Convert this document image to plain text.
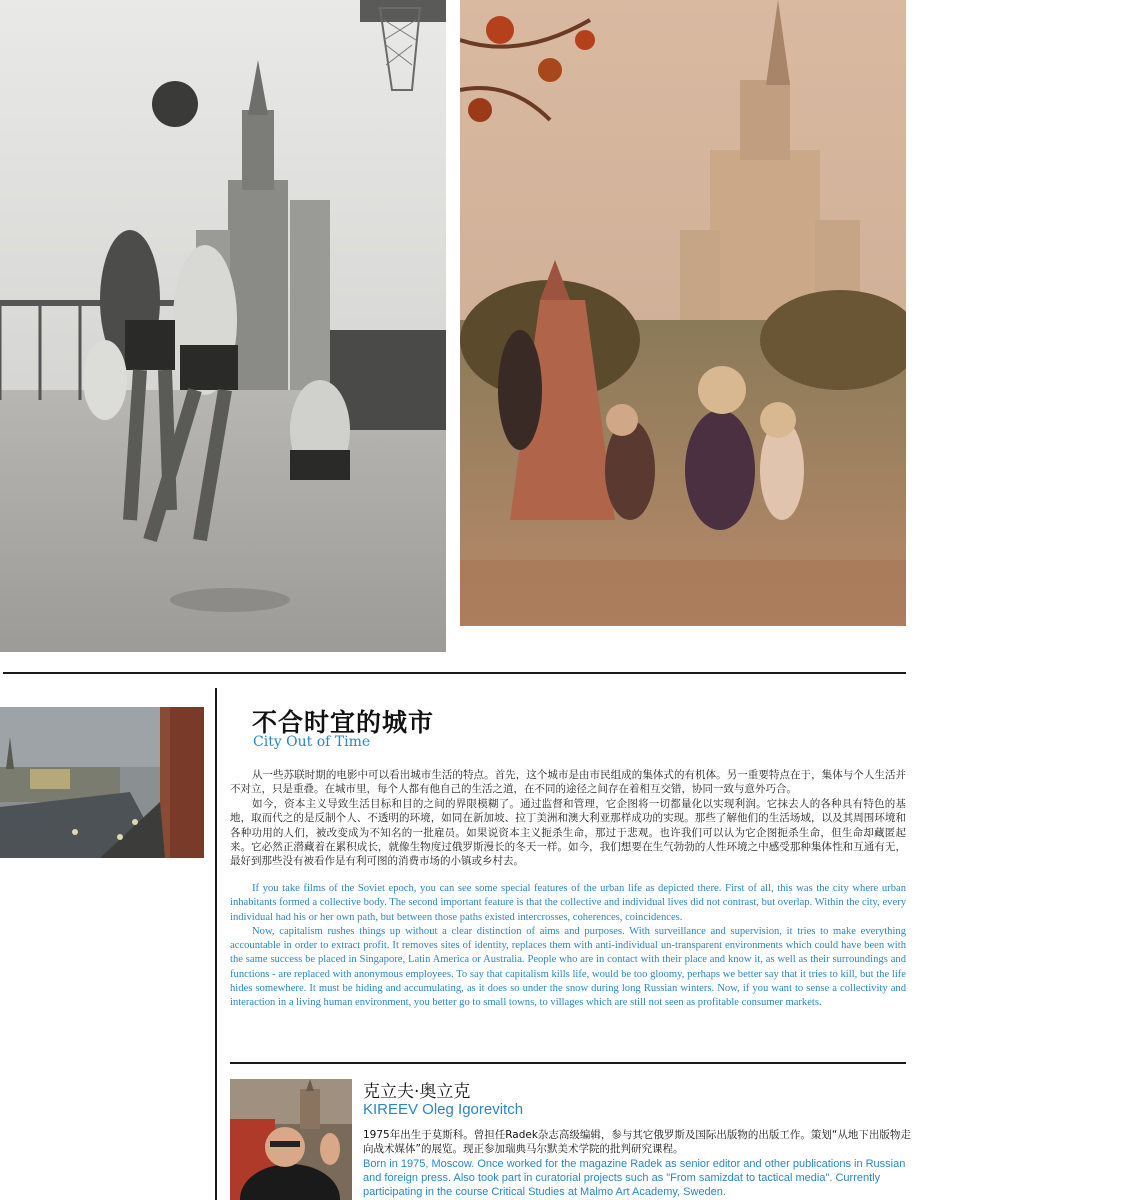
不合时宜的城市
City Out of Time

从一些苏联时期的电影中可以看出城市生活的特点。首先，这个城市是由市民组成的集体式的有机体。另一重要特点在于，集体与个人生活并不对立，只是重叠。在城市里，每个人都有他自己的生活之道，在不同的途径之间存在着相互交错，协同一致与意外巧合。

如今，资本主义导致生活目标和目的之间的界限模糊了。通过监督和管理，它企图将一切都量化以实现利润。它抹去人的各种具有特色的基地，取而代之的是反制个人、不透明的环境，如同在新加坡、拉丁美洲和澳大利亚那样成功的实现。那些了解他们的生活场域，以及其周围环境和各种功用的人们，被改变成为不知名的一批雇员。如果说资本主义扼杀生命，那过于悲观。也许我们可以认为它企图扼杀生命，但生命却藏匿起来。它必然正潜藏着在累积成长，就像生物度过俄罗斯漫长的冬天一样。如今，我们想要在生气勃勃的人性环境之中感受那种集体性和互通有无，最好到那些没有被看作是有利可图的消费市场的小镇或乡村去。

If you take films of the Soviet epoch, you can see some special features of the urban life as depicted there. First of all, this was the city where urban inhabitants formed a collective body. The second important feature is that the collective and individual lives did not contrast, but overlap. Within the city, every individual had his or her own path, but between those paths existed intercrosses, coherences, coincidences.

Now, capitalism rushes things up without a clear distinction of aims and purposes. With surveillance and supervision, it tries to make everything accountable in order to extract profit. It removes sites of identity, replaces them with anti-individual un-transparent environments which could have been with the same success be placed in Singapore, Latin America or Australia. People who are in contact with their place and know it, as well as their surroundings and functions - are replaced with anonymous employees. To say that capitalism kills life, would be too gloomy, perhaps we better say that it tries to kill, but the life hides somewhere. It must be hiding and accumulating, as it does so under the snow during long Russian winters. Now, if you want to sense a collectivity and interaction in a living human environment, you better go to small towns, to villages which are still not seen as profitable consumer markets.

克立夫·奥立克
KIREEV Oleg Igorevitch

1975年出生于莫斯科。曾担任Radek杂志高级编辑，参与其它俄罗斯及国际出版物的出版工作。策划“从地下出版物走向战术媒体”的展览。现正参加瑞典马尔默美术学院的批判研究课程。

Born in 1975, Moscow. Once worked for the magazine Radek as senior editor and other publications in Russian and foreign press. Also took part in curatorial projects such as "From samizdat to tactical media". Currently participating in the course Critical Studies at Malmo Art Academy, Sweden.
